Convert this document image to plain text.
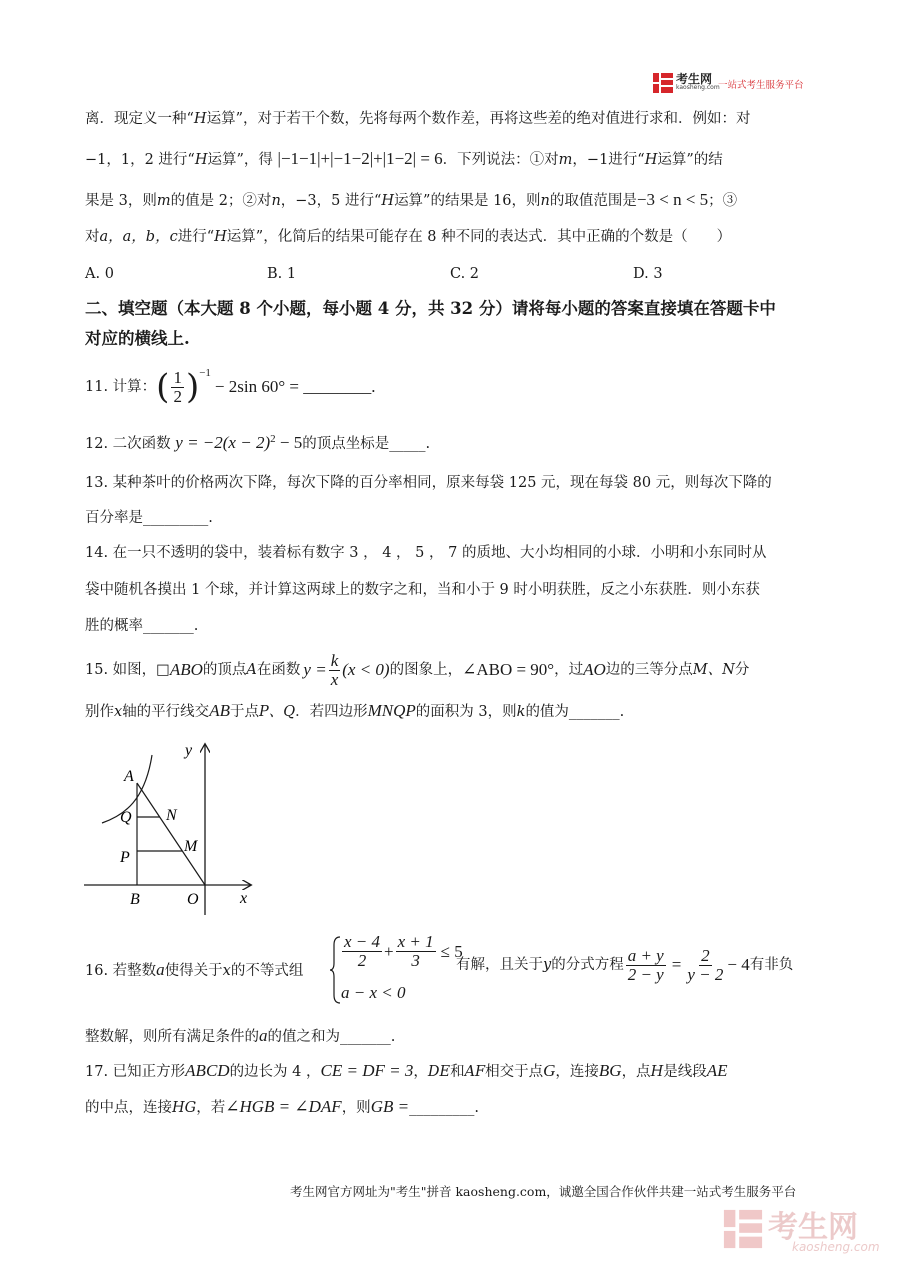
考生网
kaosheng.com
一站式考生服务平台
离．现定义一种“H运算”，对于若干个数，先将每两个数作差，再将这些差的绝对值进行求和．例如：对
−1，1，2 进行“H运算”，得 |−1−1|+|−1−2|+|1−2| = 6．下列说法：①对m，−1进行“H运算”的结
果是 3，则m的值是 2；②对n，−3，5 进行“H运算”的结果是 16，则n的取值范围是−3 < n < 5；③
对a，a，b，c进行“H运算”，化简后的结果可能存在 8 种不同的表达式．其中正确的个数是（　　）
A. 0	B. 1	C. 2	D. 3
二、填空题（本大题 8 个小题，每小题 4 分，共 32 分）请将每小题的答案直接填在答题卡中
对应的横线上.
11. 计算： ( $\frac{1}{2} )^{-1}$
− 2sin 60° = ________.
12. 二次函数 $y = -2(x - 2)^2 - 5$的顶点坐标是_____.
13. 某种茶叶的价格两次下降，每次下降的百分率相同，原来每袋 125 元，现在每袋 80 元，则每次下降的
百分率是_________.
14. 在一只不透明的袋中，装着标有数字 3 ， 4 ， 5 ， 7 的质地、大小均相同的小球．小明和小东同时从
袋中随机各摸出 1 个球，并计算这两球上的数字之和，当和小于 9 时小明获胜，反之小东获胜．则小东获
胜的概率_______.
15. 如图，□ ABO 的顶点 A 在函数 $y = \frac{k}{x} (x < 0)$ 的图象上， ∠ABO = 90° ，过 AO 边的三等分点 M、N 分
别作x轴的平行线交AB于点P、Q．若四边形MNQP的面积为 3，则k的值为_______.
y
x
A
Q N
P
M
B	O
16. 若整数a使得关于x的不等式组
$\frac{x - 4}{2} + \frac{x + 1}{3} \le 5$
a − x < 0
有解，且关于 y 的分式方程 $\frac{a + y}{2 - y} = \frac{2}{y - 2} - 4$ 有非负
整数解，则所有满足条件的a的值之和为_______.
17. 已知正方形ABCD的边长为 4 ，CE = DF = 3，DE和AF相交于点G，连接BG，点H是线段AE
的中点，连接HG，若∠HGB = ∠DAF，则GB =_________.
考生网官方网址为"考生"拼音 kaosheng.com，诚邀全国合作伙伴共建一站式考生服务平台
考生网
kaosheng.com
